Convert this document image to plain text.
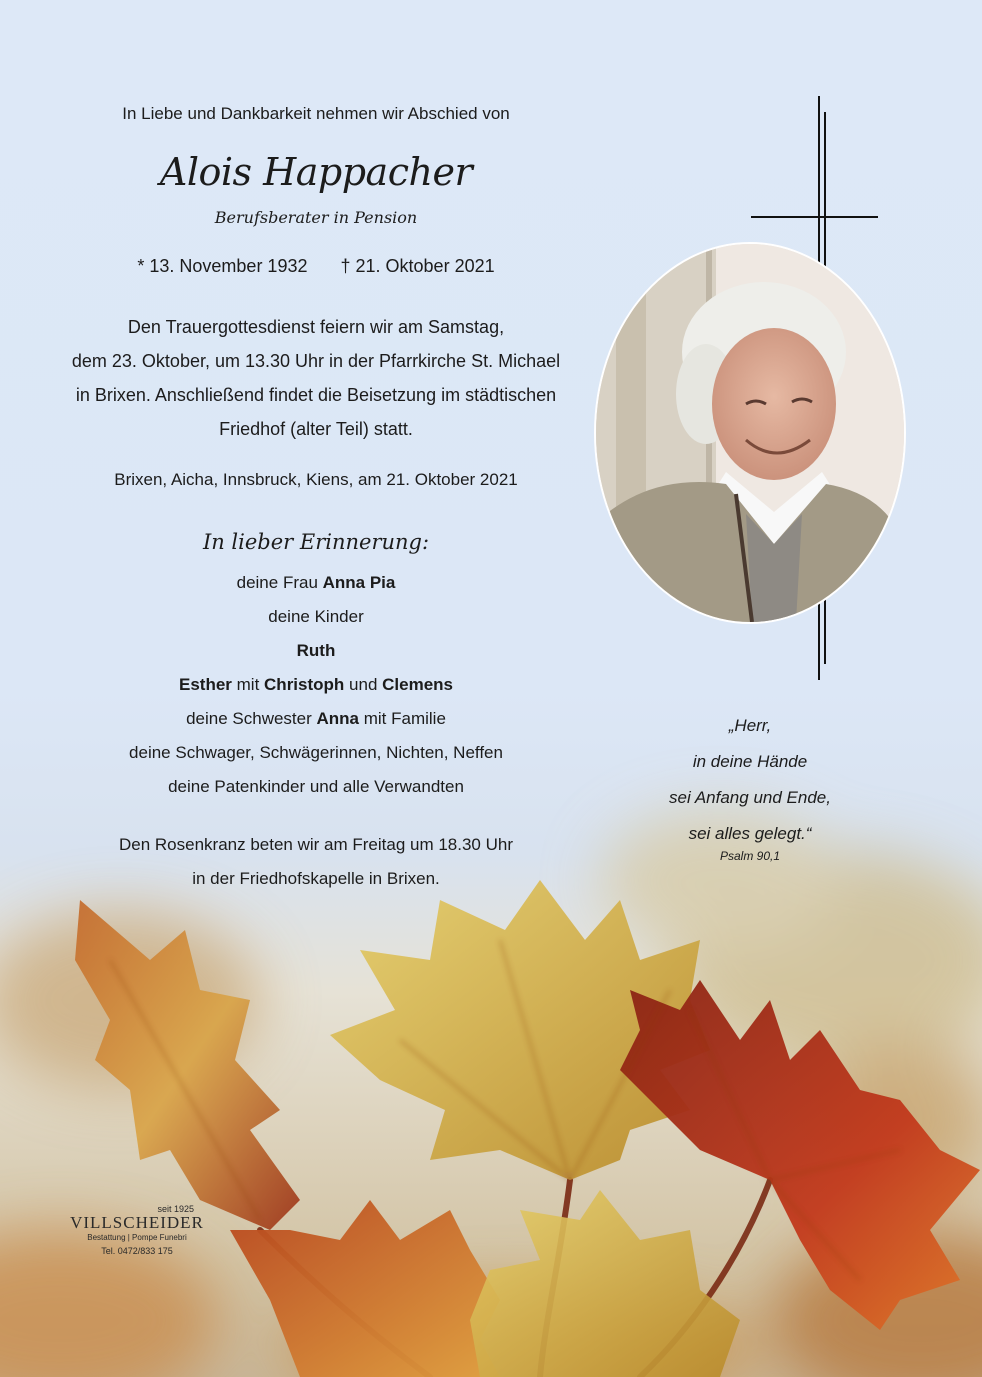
In Liebe und Dankbarkeit nehmen wir Abschied von
Alois Happacher
Berufsberater in Pension
* 13. November 1932 † 21. Oktober 2021
Den Trauergottesdienst feiern wir am Samstag,
dem 23. Oktober, um 13.30 Uhr in der Pfarrkirche St. Michael
in Brixen. Anschließend findet die Beisetzung im städtischen
Friedhof (alter Teil) statt.
Brixen, Aicha, Innsbruck, Kiens, am 21. Oktober 2021
In lieber Erinnerung:
deine Frau Anna Pia
deine Kinder
Ruth
Esther mit Christoph und Clemens
deine Schwester Anna mit Familie
deine Schwager, Schwägerinnen, Nichten, Neffen
deine Patenkinder und alle Verwandten
Den Rosenkranz beten wir am Freitag um 18.30 Uhr
in der Friedhofskapelle in Brixen.
„Herr,
in deine Hände
sei Anfang und Ende,
sei alles gelegt.“
Psalm 90,1
seit 1925
VILLSCHEIDER
Bestattung | Pompe Funebri
Tel. 0472/833 175
